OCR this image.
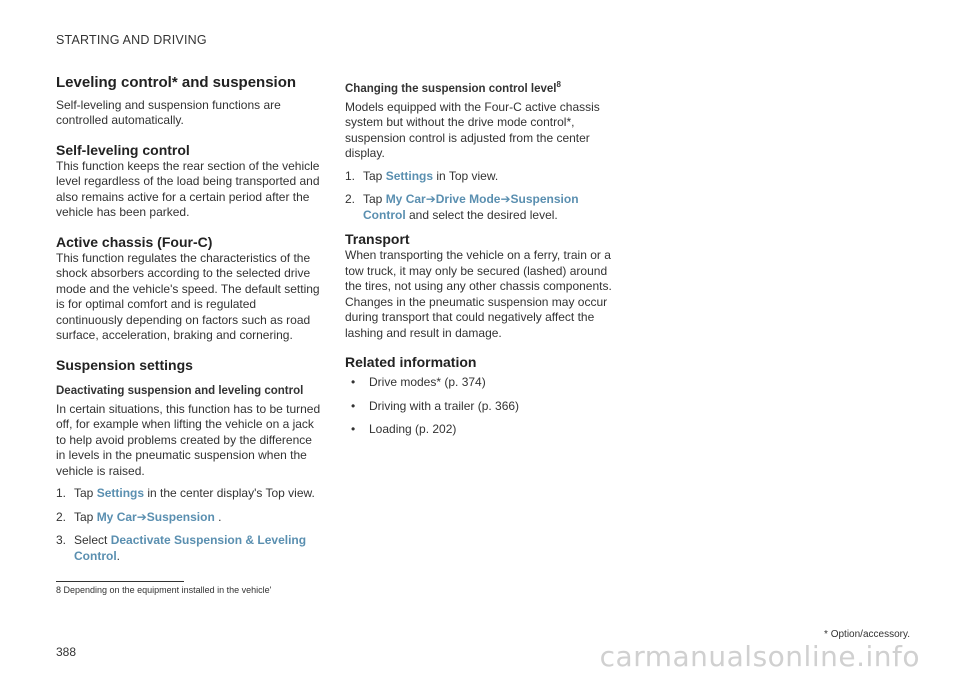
STARTING AND DRIVING
Leveling control* and suspension

Self-leveling and suspension functions are controlled automatically.

Self-leveling control

This function keeps the rear section of the vehicle level regardless of the load being transported and also remains active for a certain period after the vehicle has been parked.

Active chassis (Four-C)

This function regulates the characteristics of the shock absorbers according to the selected drive mode and the vehicle's speed. The default setting is for optimal comfort and is regulated continuously depending on factors such as road surface, acceleration, braking and cornering.

Suspension settings
Deactivating suspension and leveling control

In certain situations, this function has to be turned off, for example when lifting the vehicle on a jack to help avoid problems created by the difference in levels in the pneumatic suspension when the vehicle is raised.

1. Tap Settings in the center display's Top view.
2. Tap My Car➔Suspension .
3. Select Deactivate Suspension & Leveling Control.
Changing the suspension control level$^8$

Models equipped with the Four-C active chassis system but without the drive mode control*, suspension control is adjusted from the center display.

1. Tap Settings in Top view.
2. Tap My Car➔Drive Mode➔Suspension Control and select the desired level.
Transport

When transporting the vehicle on a ferry, train or a tow truck, it may only be secured (lashed) around the tires, not using any other chassis components. Changes in the pneumatic suspension may occur during transport that could negatively affect the lashing and result in damage.

Related information
•	Drive modes* (p. 374)
•	Driving with a trailer (p. 366)
•	Loading (p. 202)
8 Depending on the equipment installed in the vehicle'
* Option/accessory.
388	carmanualsonline.info
